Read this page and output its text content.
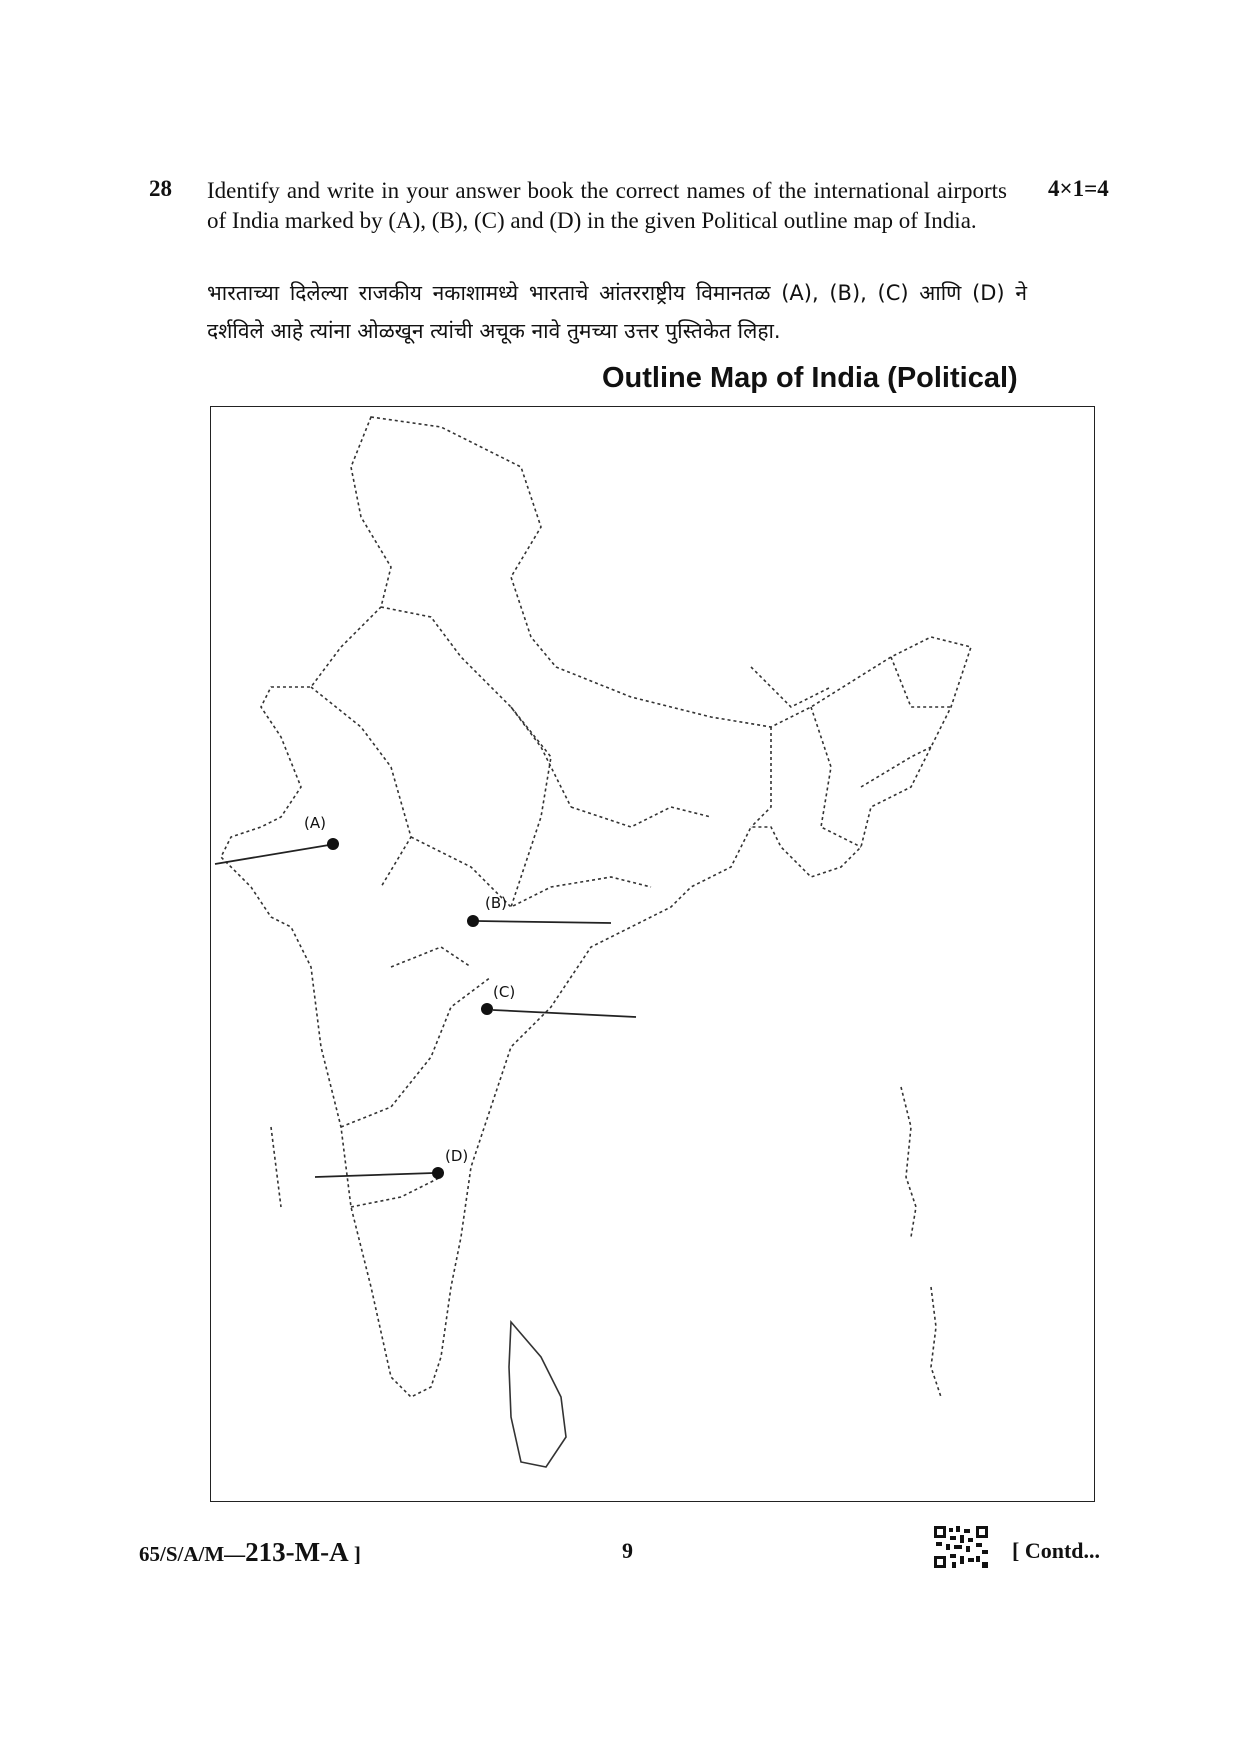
28 Identify and write in your answer book the correct names of the international airports of India marked by (A), (B), (C) and (D) in the given Political outline map of India.
4×1=4
भारताच्या दिलेल्या राजकीय नकाशामध्ये भारताचे आंतरराष्ट्रीय विमानतळ (A), (B), (C) आणि (D) ने दर्शविले आहे त्यांना ओळखून त्यांची अचूक नावे तुमच्या उत्तर पुस्तिकेत लिहा.
Outline Map of India (Political)
(A)
(B)
(C)
(D)
65/S/A/M—213-M-A ]	9	[ Contd...
